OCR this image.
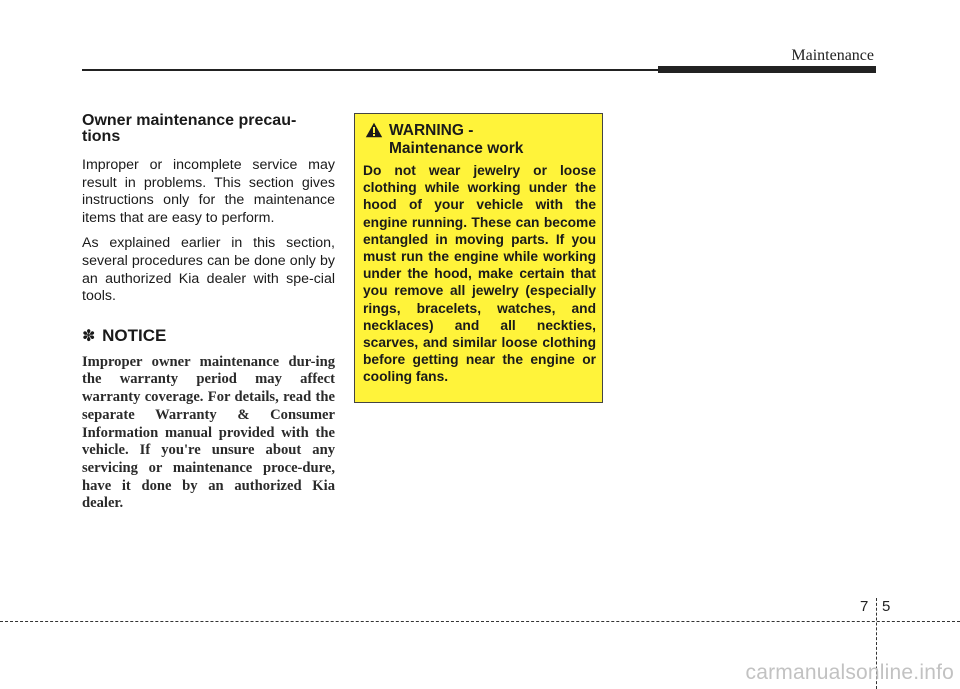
Maintenance
Owner maintenance precau-
tions

Improper or incomplete service may result in problems. This section gives instructions only for the maintenance items that are easy to perform.

As explained earlier in this section, several procedures can be done only by an authorized Kia dealer with spe-cial tools.

✽ NOTICE

Improper owner maintenance dur-ing the warranty period may affect warranty coverage. For details, read the separate Warranty & Consumer Information manual provided with the vehicle. If you're unsure about any servicing or maintenance proce-dure, have it done by an authorized Kia dealer.

WARNING -
Maintenance work

Do not wear jewelry or loose clothing while working under the hood of your vehicle with the engine running. These can become entangled in moving parts. If you must run the engine while working under the hood, make certain that you remove all jewelry (especially rings, bracelets, watches, and necklaces) and all neckties, scarves, and similar loose clothing before getting near the engine or cooling fans.

7 5
carmanualsonline.info
